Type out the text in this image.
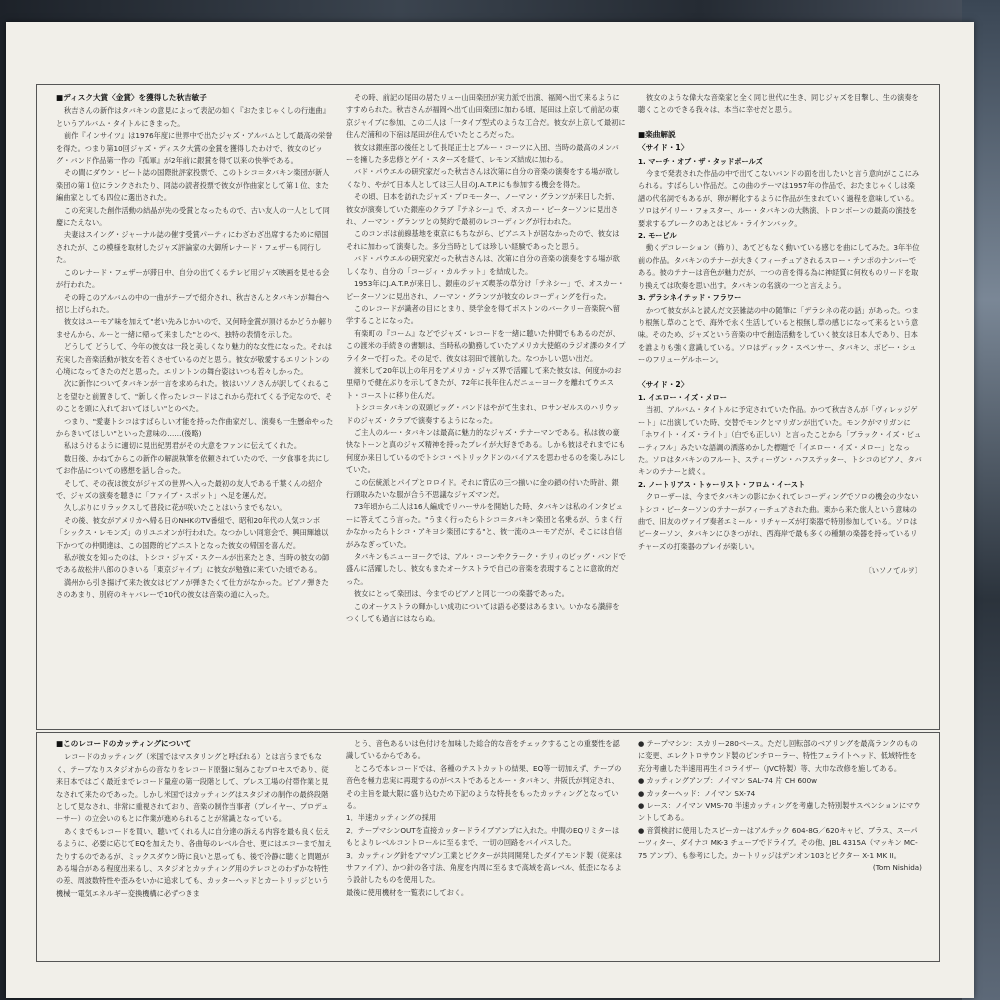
■ディスク大賞〈金賞〉を獲得した秋吉敏子

秋吉さんの新作はタバキンの意見によって表記の如く『おたまじゃくしの行進曲』というアルバム・タイトルにきまった。

前作『インサイツ』は1976年度に世界中で出たジャズ・アルバムとして最高の栄誉を得た。つまり第10回ジャズ・ディスク大賞の金賞を獲得したわけで、彼女のビッグ・バンド作品第一作の『孤軍』が2年前に銀賞を得て以来の快挙である。

その間にダウン・ビート誌の国際批評家投票で、このトシコ＝タバキン楽団が新人楽団の第１位にランクされたり、同誌の読者投票で彼女が作曲家として第１位、また編曲家としても四位に選出された。

この充実した創作活動の結晶が先の受賞となったもので、古い友人の一人として同慶にたえない。

夫妻はスイング・ジャーナル誌の催す受賞パーティにわざわざ出席するために帰国されたが、この模様を取材したジャズ評論家の大御所レナード・フェザーも同行した。

このレナード・フェザーが滞日中、自分の出てくるテレビ用ジャズ映画を見せる会が行われた。

その時このアルバムの中の一曲がテープで紹介され、秋吉さんとタバキンが舞台へ招じ上げられた。

彼女はユーモア味を加えて"老い先みじかいので、又何時金賞が頂けるかどうか解りませんから、ルーと一緒に帰って来ました"とのべ、独特の表情を示した。

どうして どうして、今年の彼女は一段と美しくなり魅力的な女性になった。それは充実した音楽活動が彼女を若くさせているのだと思う。彼女が敬愛するエリントンの心境になってきたのだと思った。エリントンの舞台姿はいつも若々しかった。

次に新作についてタバキンが一言を求められた。彼はいソノさんが訳してくれることを望むと前置きして、"新しく作ったレコードはこれから売れてくる予定なので、そのことを頭に入れておいてほしい"とのべた。

つまり、"愛妻トシコはすばらしい才能を持った作曲家だし、演奏も一生懸命やったからきいてほしい"といった意味の……(後略)

私はうけるように適切に見出紀男君がその大意をファンに伝えてくれた。

数日後、かねてからこの新作の解説執筆を依頼されていたので、一夕食事を共にしてお作品についての感想を話し合った。

そして、その夜は彼女がジャズの世界へ入った最初の友人である千葉くんの紹介で、ジャズの演奏を聴きに「ファイブ・スポット」へ足を運んだ。

久しぶりにリラックスして普段に花が咲いたことはいうまでもない。

その後、彼女がアメリカへ帰る日のNHKのTV番組で、昭和20年代の人気コンボ「シックス・レモンズ」のリユニオンが行われた。なつかしい同窓会で、興田輝雄以下かつての仲間達は、この国際的ピアニストとなった彼女の帰国を喜んだ。

私が彼女を知ったのは、トシコ・ジャズ・スクールが出来たとき、当時の彼女の師である故松井八郎のひきいる「東京ジャイブ」に彼女が勉強に来ていた頃である。

満州から引き揚げて来た彼女はピアノが弾きたくて仕方がなかった。ピアノ弾きたさのあまり、別府のキャバレーで10代の彼女は音楽の道に入った。

その時、前記の尾田の居たリュー山田楽団が実力派で出演、福岡へ出て来るようにすすめられた。秋吉さんが福岡へ出て山田楽団に加わる頃、尾田は上京して前記の東京ジャイブに参加、この二人は「一タイプ型式のような工合だ。彼女が上京して最初に住んだ浦和の下宿は尾田が住んでいたところだった。

彼女は銀座部の後任として長尾正士とブルー・コーツに入団、当時の最高のメンバーを擁した多忠修とゲイ・スターズを経て、レモンズ結成に加わる。

バド・パウエルの研究家だった秋吉さんは次第に自分の音楽の演奏をする場が欲しくなり、やがて日本人としては三人目のJ.A.T.P.にも参加する機会を得た。

その頃、日本を訪れたジャズ・プロモーター、ノーマン・グランツが来日した折、彼女が演奏していた銀座のクラブ『テネシー』で、オスカー・ピーターソンに見出され、ノーマン・グランツとの契約で最初のレコーディングが行われた。

このコンボは前線基地を東京にもちながら、ピアニストが居なかったので、彼女はそれに加わって演奏した。多分当時としては珍しい経験であったと思う。

バド・パウエルの研究家だった秋吉さんは、次第に自分の音楽の演奏をする場が欲しくなり、自分の「コージィ・カルテット」を結成した。

1953年にJ.A.T.P.が来日し、銀座のジャズ喫茶の草分け「テネシー」で、オスカー・ピーターソンに見出され、ノーマン・グランツが彼女のレコーディングを行った。

このレコードが識者の目にとまり、奨学金を得てボストンのバークリー音楽院へ留学することになった。

有楽町の『コーム』などでジャズ・レコードを一緒に聴いた仲間でもあるのだが、この渡米の手続きの書類は、当時私の勤務していたアメリカ大使館のラジオ課のタイプライターで打った。その足で、彼女は羽田で渡航した。なつかしい思い出だ。

渡米して20年以上の年月をアメリカ・ジャズ界で活躍して来た彼女は、何度かのお里帰りで健在ぶりを示してきたが、72年に長年住んだニューヨークを離れてウエスト・コーストに移り住んだ。

トシコ＝タバキンの双頭ビッグ・バンドはやがて生まれ、ロサンゼルスのハリウッドのジャズ・クラブで演奏するようになった。

ご主人のルー・タバキンは最高に魅力的なジャズ・テナーマンである。私は彼の豪快なトーンと真のジャズ精神を持ったプレイが大好きである。しかも彼はそれまでにも何度か来日しているのでトシコ・ペトリックドンのバイアスを思わせるのを楽しみにしていた。

この伝統派とパイプとロロイド。それに背広の三つ揃いに金の鎖の付いた時計、銀行頭取みたいな服が合う不思議なジャズマンだ。

73年頃から二人は16人編成でリハーサルを開始した時、タバキンは私のインタビューに答えてこう言った。"うまく行ったらトシコ＝タバキン楽団と名乗るが、うまく行かなかったらトシコ・アキヨシ楽団にする"と、彼一流のユーモアだが、そこには自信がみなぎっていた。

タバキンもニューヨークでは、アル・コーンやクラーク・テリィのビッグ・バンドで盛んに活躍したし、彼女もまたオーケストラで自己の音楽を表現することに意欲的だった。

彼女にとって楽団は、今までのピアノと同じ一つの楽器であった。

このオーケストラの輝かしい成功については語る必要はあるまい。いかなる讃辞をつくしても過言にはならぬ。

彼女のような偉大な音楽家と全く同じ世代に生き、同じジャズを目撃し、生の演奏を聴くことのできる我々は、本当に幸せだと思う。

■楽曲解説
〈サイド・1〉

1. マーチ・オブ・ザ・タッドポールズ

今まで発表された作品の中で出てこないバンドの面を出したいと言う意向がここにみられる。すばらしい作品だ。この曲のテーマは1957年の作品で、おたまじゃくしは楽譜の代名詞でもあるが、卵が孵化するように作品が生まれていく過程を意味している。ソロはゲイリー・フォスター、ルー・タバキンの大熱演、トロンボーンの最高の演技を要求するブレークのあとはビル・ライケンバック。

2. モービル

動くデコレーション（飾り）、あてどもなく動いている感じを曲にしてみた。3年半位前の作品。タバキンのテナーが大きくフィーチュアされるスロー・テンポのナンバーである。彼のテナーは音色が魅力だが、一つの音を得る為に神経質に何枚ものリードを取り換えては吹奏を思い出す。タバキンの名演の一つと言えよう。

3. デラシネイテッド・フラワー

かつて彼女がふと読んだ文芸雑誌の中の随筆に「デラシネの花の話」があった。つまり根無し草のことで、海外で永く生活していると根無し草の感じになって来るという意味。そのため、ジャズという音楽の中で創造活動をしていく彼女は日本人であり、日本を誰よりも強く意識している。ソロはディック・スペンサー、タバキン、ボビー・シューのフリューゲルホーン。

〈サイド・2〉

1. イエロー・イズ・メロー

当初、アルバム・タイトルに予定されていた作品。かつて秋吉さんが「ヴィレッジゲート」に出演していた時、交替でモンクとマリガンが出ていた。モンクがマリガンに「ホワイト・イズ・ライト」（白でも正しい）と言ったことから「ブラック・イズ・ビューティフル」みたいな語調の洒落めかした標題で「イエロー・イズ・メロー」となった。ソロはタバキンのフルート、スティーヴン・ハフステッター、トシコのピアノ、タバキンのテナーと続く。

2. ノートリアス・トゥーリスト・フロム・イースト

クローザーは、今までタバキンの影にかくれてレコーディングでソロの機会の少ないトシコ・ピーターソンのテナーがフィーチュアされた曲。東から来た旅人という意味の曲で、旧友のヴァイブ奏者エミール・リチャーズが打楽器で特別参加している。ソロはピーターソン、タバキンにひきつがれ、西海岸で最も多くの種類の楽器を持っているリチャーズの打楽器のプレイが楽しい。

〔いソノてルヲ〕

■このレコードのカッティングについて

レコードのカッティング（米国ではマスタリングと呼ばれる）とは言うまでもなく、テープなりスタジオからの音なりをレコード原盤に刻みこむプロセスであり、従来日本ではごく最近までレコード量産の第一段階として、プレス工場の付帯作業と見なされて来たのであった。しかし米国ではカッティングはスタジオの制作の最終段階として見なされ、非常に重視されており、音楽の制作当事者（プレイヤー、プロデューサー）の立会いのもとに作業が進められることが常識となっている。

あくまでもレコードを買い、聴いてくれる人に自分達の訴える内容を最も良く伝えるように、必要に応じてEQを加えたり、各曲毎のレベル合せ、更にはエコーまで加えたりするのであるが、ミックスダウン時に良いと思っても、後で冷静に聴くと問題がある場合がある程度出来るし、スタジオとカッティング用のテレコとのわずかな特性の差、周波数特性や歪みをいかに追求しても、カッターヘッドとカートリッジという機械一電気エネルギー変換機構に必ずつきま

とう、音色あるいは色付けを加味した総合的な音をチェックすることの重要性を認識しているからである。

ところで本レコードでは、各種のテストカットの結果、EQ等一切加えず、テープの音色を極力忠実に再現するのがベストであるとルー・タバキン、井阪氏が判定され、その主旨を最大限に盛り込むため下記のような特長をもったカッティングとなっている。

1．半速カッティングの採用
2．テープマシンOUTを直接カッタードライブアンプに入れた。中間のEQリミターはもとよりレベルコントロールに至るまで、一切の回路をバイパスした。
3．カッティング針をアマゾン工業とビクターが共同開発したダイアモンド製（従来はサファイア）、かつ針の各寸法、角度を内周に至るまで高域を高レベル、低歪になるよう設計したものを使用した。

最後に使用機材を一覧表にしておく。

● テープマシン：スカリー280ベース。ただし回転部のベアリングを最高ランクのものに変更、エレクトロサウンド製のピンチローラー、特性フェライトヘッド、低域特性を充分考慮した半速用再生イコライザー（JVC特製）等、大巾な改修を施してある。
● カッティングアンプ：ノイマン SAL-74 片 CH 600w
● カッターヘッド：ノイマン SX-74
● レース：ノイマン VMS-70 半速カッティングを考慮した特別製サスペンションにマウントしてある。
● 音質検討に使用したスピーカーはアルテック 604-8G／620キャビ、ブラス、スーパーツィター、ダイナコ MK-3 チューブでドライブ。その他、JBL 4315A（マッキン MC-75 アンプ）、も参考にした。カートリッジはデンオン103とビクター X-1 MK II。

(Tom Nishida)
